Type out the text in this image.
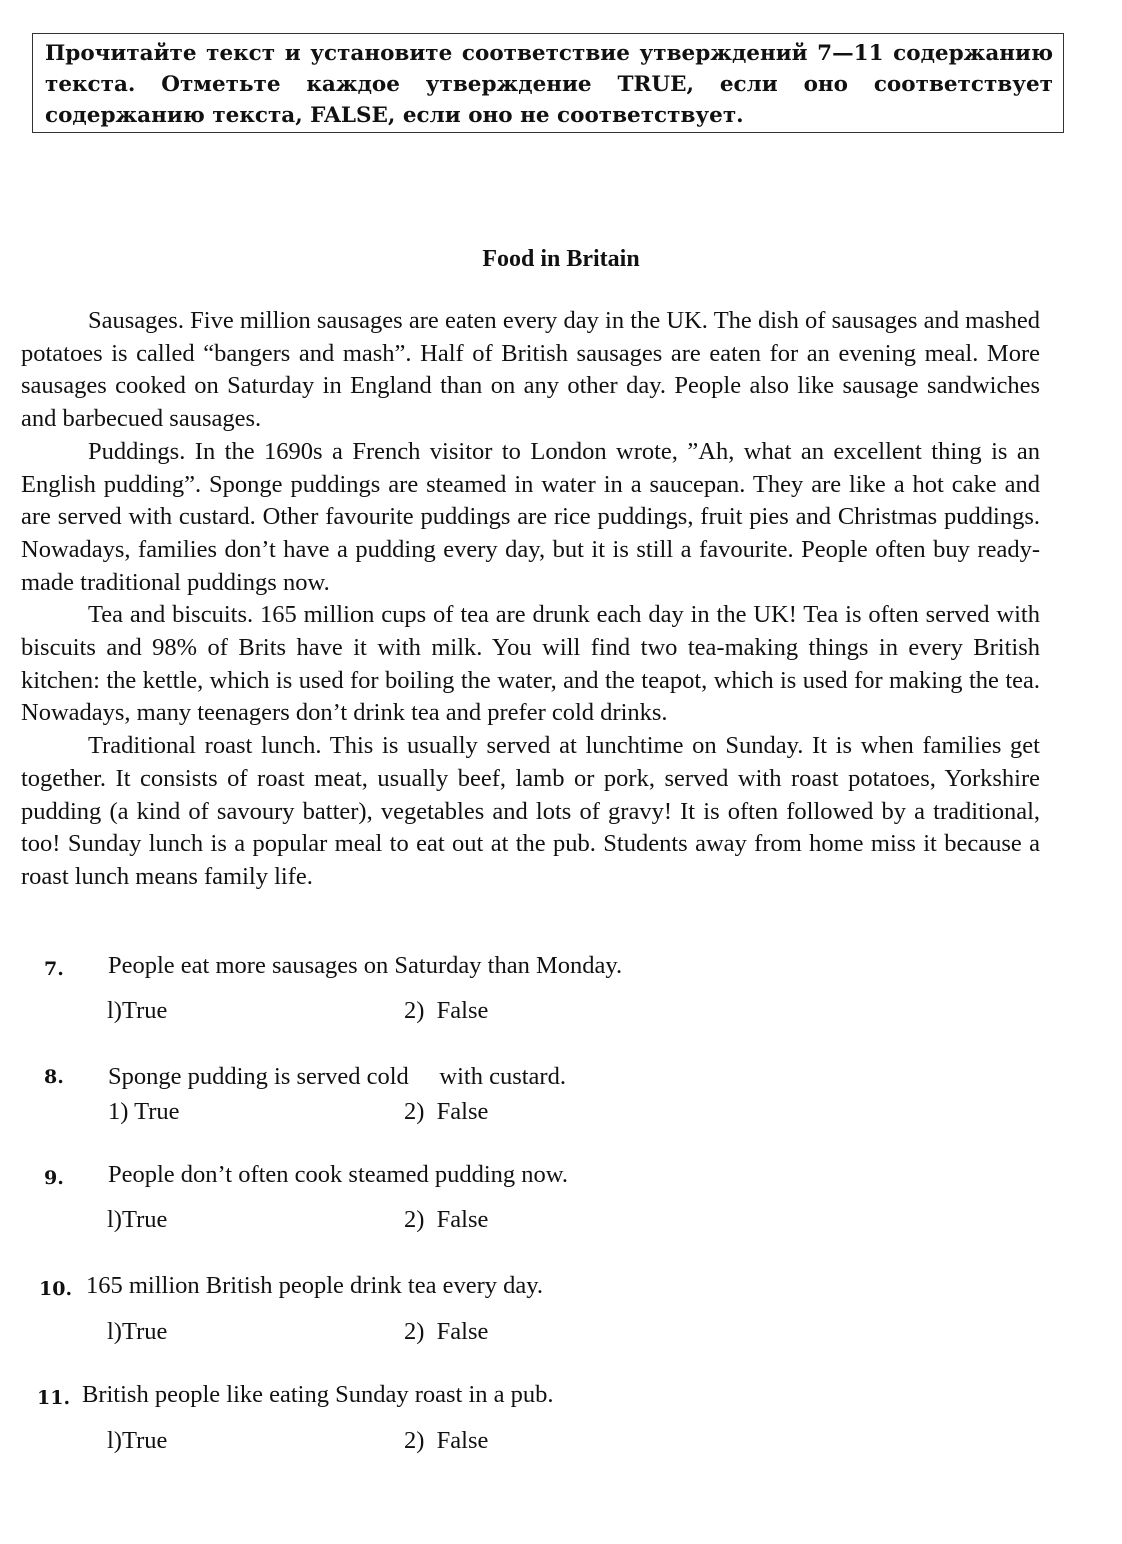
Прочитайте текст и установите соответствие утверждений 7—11 содержанию текста. Отметьте каждое утверждение TRUE, если оно соответствует содержанию текста, FALSE, если оно не соответствует.

Food in Britain

Sausages. Five million sausages are eaten every day in the UK. The dish of sausages and mashed potatoes is called “bangers and mash”. Half of British sausages are eaten for an evening meal. More sausages cooked on Saturday in England than on any other day. People also like sausage sandwiches and barbecued sausages.

Puddings. In the 1690s a French visitor to London wrote, ”Ah, what an excellent thing is an English pudding”. Sponge puddings are steamed in water in a saucepan. They are like a hot cake and are served with custard. Other favourite puddings are rice puddings, fruit pies and Christmas puddings. Nowadays, families don’t have a pudding every day, but it is still a favourite. People often buy ready-made traditional puddings now.

Tea and biscuits. 165 million cups of tea are drunk each day in the UK! Tea is often served with biscuits and 98% of Brits have it with milk. You will find two tea-making things in every British kitchen: the kettle, which is used for boiling the water, and the teapot, which is used for making the tea. Nowadays, many teenagers don’t drink tea and prefer cold drinks.

Traditional roast lunch. This is usually served at lunchtime on Sunday. It is when families get together. It consists of roast meat, usually beef, lamb or pork, served with roast potatoes, Yorkshire pudding (a kind of savoury batter), vegetables and lots of gravy! It is often followed by a traditional, too! Sunday lunch is a popular meal to eat out at the pub. Students away from home miss it because a roast lunch means family life.

7. People eat more sausages on Saturday than Monday.
l)True	2)  False
8. Sponge pudding is served cold     with custard.
1) True	2)  False
9. People don’t often cook steamed pudding now.
l)True	2)  False
10. 165 million British people drink tea every day.
l)True	2)  False
11. British people like eating Sunday roast in a pub.
l)True	2)  False
